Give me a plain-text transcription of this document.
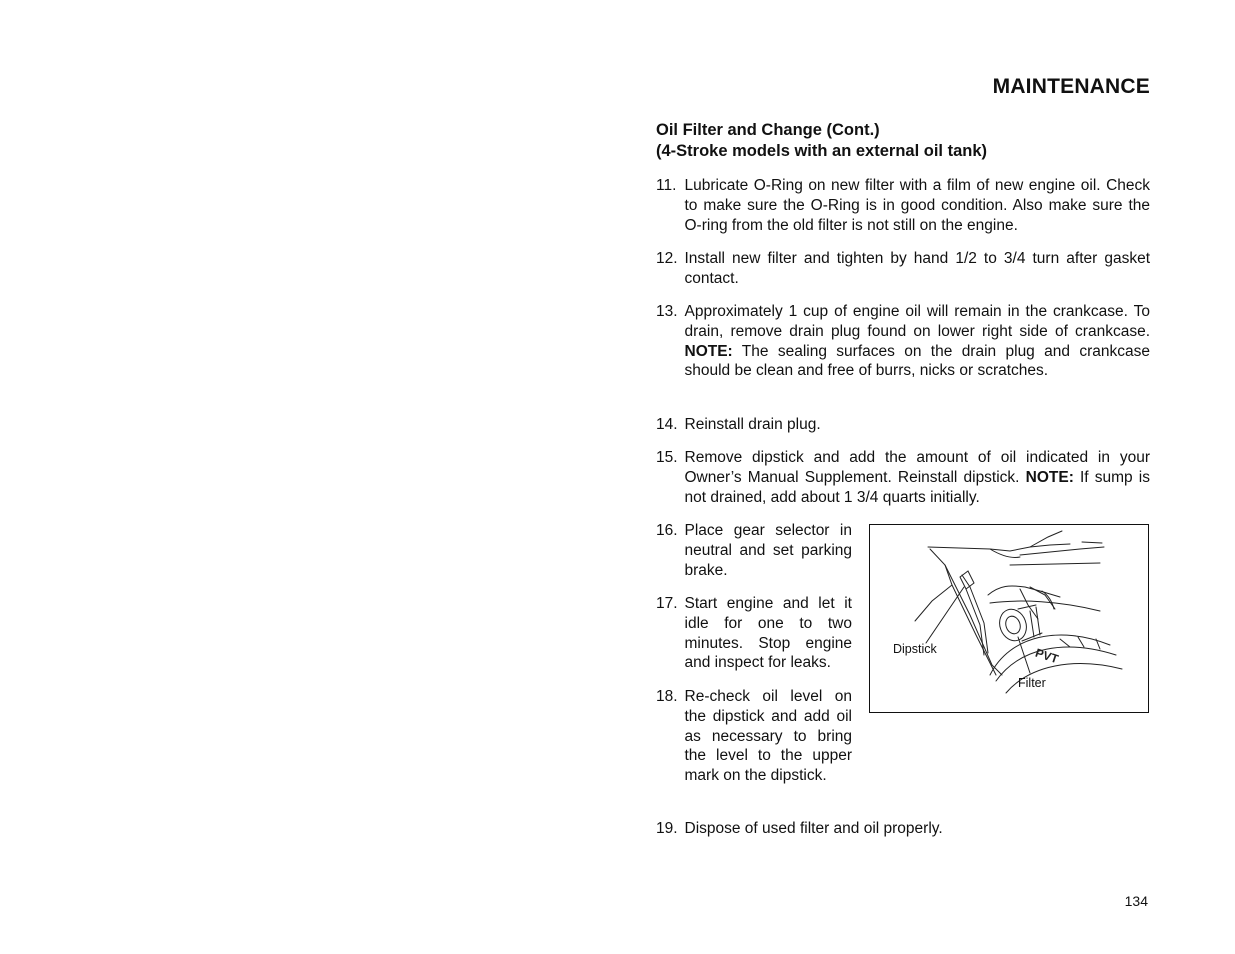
MAINTENANCE
Oil Filter and Change (Cont.)
(4-Stroke models with an external oil tank)
11. Lubricate O-Ring on new filter with a film of new engine oil. Check to make sure the O-Ring is in good condition. Also make sure the O-ring from the old filter is not still on the engine.
12. Install new filter and tighten by hand 1/2 to 3/4 turn after gasket contact.
13. Approximately 1 cup of engine oil will remain in the crankcase. To drain, remove drain plug found on lower right side of crankcase. NOTE: The sealing surfaces on the drain plug and crankcase should be clean and free of burrs, nicks or scratches.
14. Reinstall drain plug.
15. Remove dipstick and add the amount of oil indicated in your Owner’s Manual Supplement. Reinstall dipstick. NOTE: If sump is not drained, add about 1 3/4 quarts initially.
16. Place gear selector in neutral and set parking brake.
17. Start engine and let it idle for one to two minutes. Stop engine and inspect for leaks.
18. Re-check oil level on the dipstick and add oil as necessary to bring the level to the upper mark on the dipstick.
19. Dispose of used filter and oil properly.
PVT
Dipstick
Filter
134
